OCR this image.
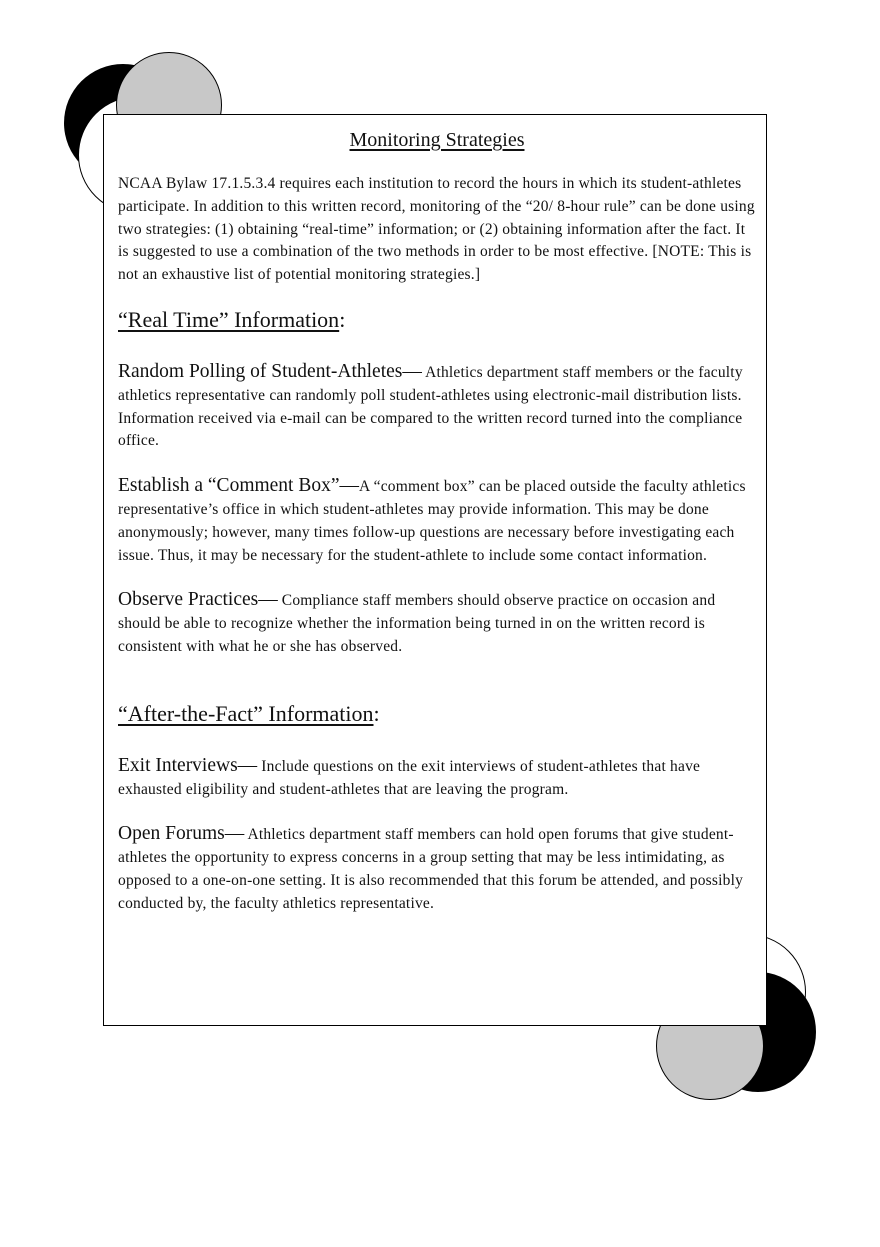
Monitoring Strategies

NCAA Bylaw 17.1.5.3.4 requires each institution to record the hours in which its student-athletes participate. In addition to this written record, monitoring of the “20/ 8-hour rule” can be done using two strategies: (1) obtaining “real-time” information; or (2) obtaining information after the fact. It is suggested to use a combination of the two methods in order to be most effective. [NOTE: This is not an exhaustive list of potential monitoring strategies.]

“Real Time” Information:

Random Polling of Student-Athletes— Athletics department staff members or the faculty athletics representative can randomly poll student-athletes using electronic-mail distribution lists. Information received via e-mail can be compared to the written record turned into the compliance office.

Establish a “Comment Box”—A “comment box” can be placed outside the faculty athletics representative’s office in which student-athletes may provide information. This may be done anonymously; however, many times follow-up questions are necessary before investigating each issue. Thus, it may be necessary for the student-athlete to include some contact information.

Observe Practices— Compliance staff members should observe practice on occasion and should be able to recognize whether the information being turned in on the written record is consistent with what he or she has observed.

“After-the-Fact” Information:

Exit Interviews— Include questions on the exit interviews of student-athletes that have exhausted eligibility and student-athletes that are leaving the program.

Open Forums— Athletics department staff members can hold open forums that give student-athletes the opportunity to express concerns in a group setting that may be less intimidating, as opposed to a one-on-one setting. It is also recommended that this forum be attended, and possibly conducted by, the faculty athletics representative.
